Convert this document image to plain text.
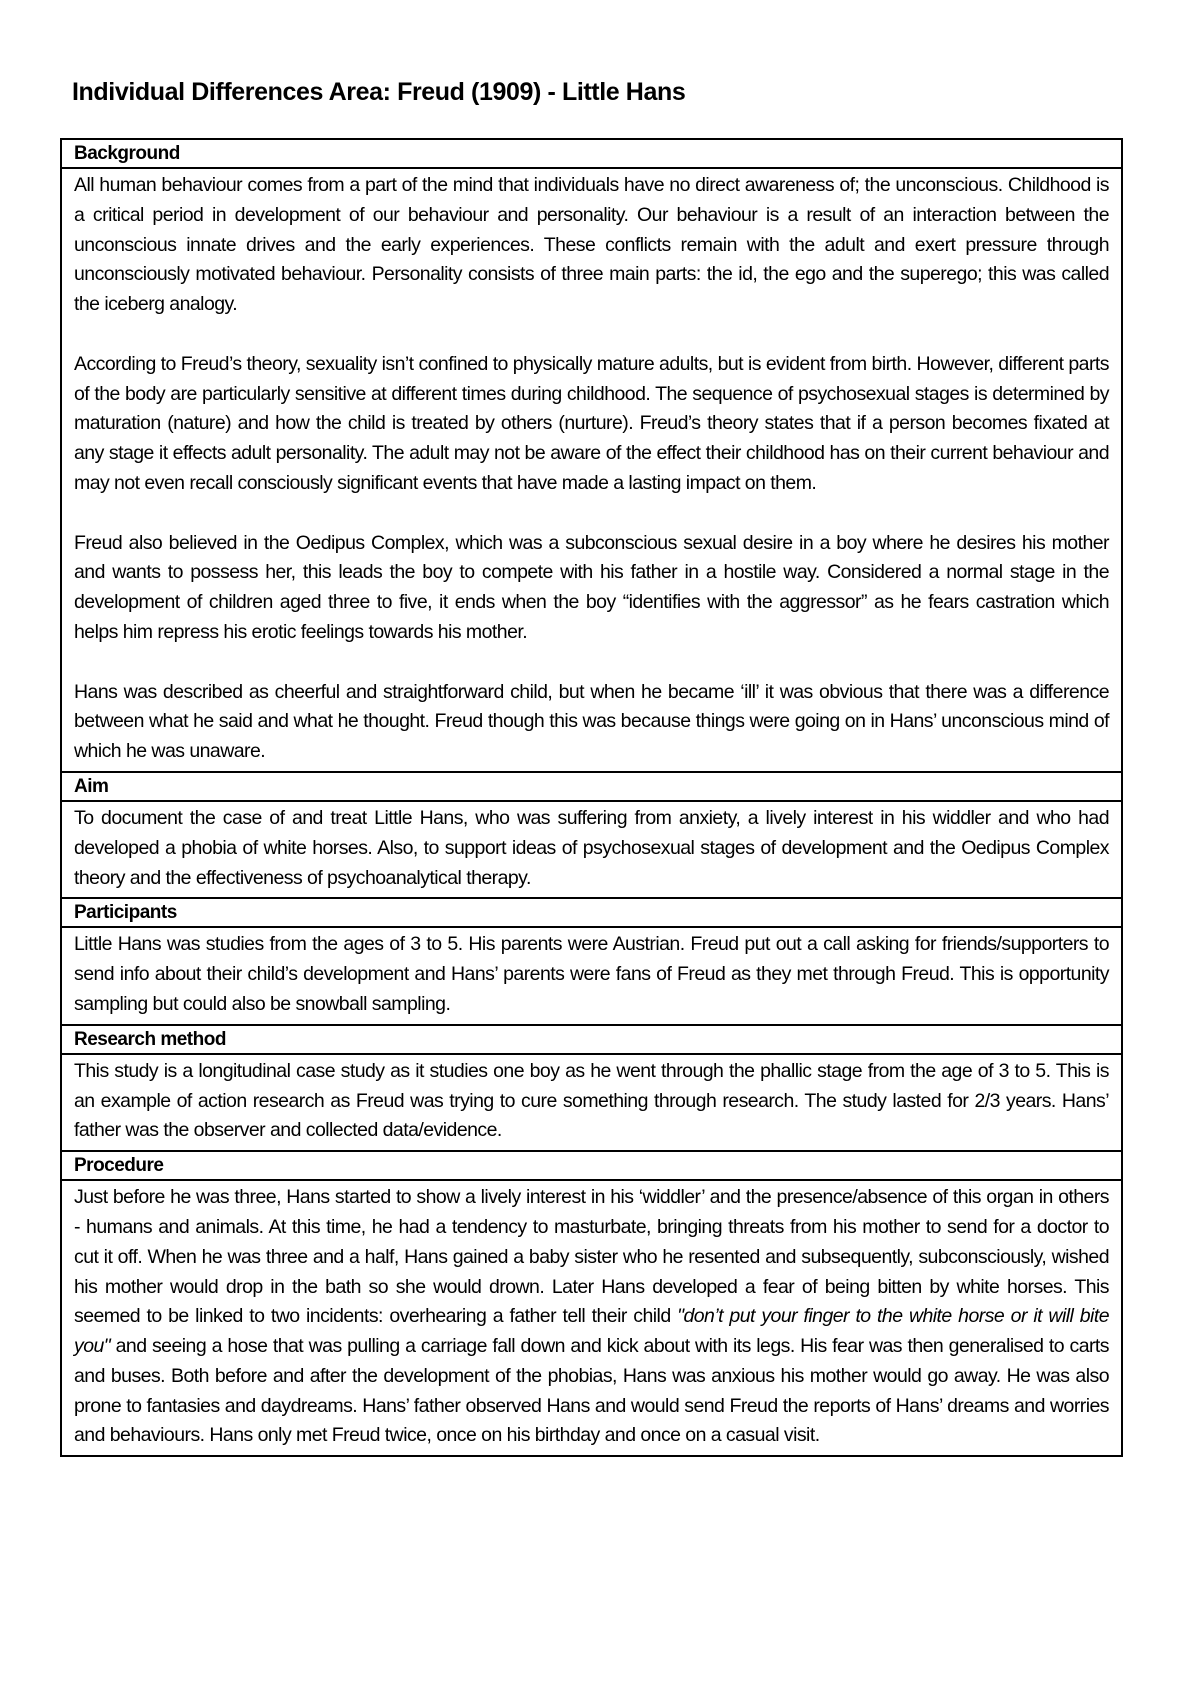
Individual Differences Area: Freud (1909) - Little Hans
Background

All human behaviour comes from a part of the mind that individuals have no direct awareness of; the unconscious. Childhood is a critical period in development of our behaviour and personality. Our behaviour is a result of an interaction between the unconscious innate drives and the early experiences. These conflicts remain with the adult and exert pressure through unconsciously motivated behaviour. Personality consists of three main parts: the id, the ego and the superego; this was called the iceberg analogy.

According to Freud’s theory, sexuality isn’t confined to physically mature adults, but is evident from birth. However, different parts of the body are particularly sensitive at different times during childhood. The sequence of psychosexual stages is determined by maturation (nature) and how the child is treated by others (nurture). Freud’s theory states that if a person becomes fixated at any stage it effects adult personality. The adult may not be aware of the effect their childhood has on their current behaviour and may not even recall consciously significant events that have made a lasting impact on them.

Freud also believed in the Oedipus Complex, which was a subconscious sexual desire in a boy where he desires his mother and wants to possess her, this leads the boy to compete with his father in a hostile way. Considered a normal stage in the development of children aged three to five, it ends when the boy “identifies with the aggressor” as he fears castration which helps him repress his erotic feelings towards his mother.

Hans was described as cheerful and straightforward child, but when he became ‘ill’ it was obvious that there was a difference between what he said and what he thought. Freud though this was because things were going on in Hans’ unconscious mind of which he was unaware.

Aim

To document the case of and treat Little Hans, who was suffering from anxiety, a lively interest in his widdler and who had developed a phobia of white horses. Also, to support ideas of psychosexual stages of development and the Oedipus Complex theory and the effectiveness of psychoanalytical therapy.

Participants

Little Hans was studies from the ages of 3 to 5. His parents were Austrian. Freud put out a call asking for friends/supporters to send info about their child’s development and Hans’ parents were fans of Freud as they met through Freud. This is opportunity sampling but could also be snowball sampling.

Research method

This study is a longitudinal case study as it studies one boy as he went through the phallic stage from the age of 3 to 5. This is an example of action research as Freud was trying to cure something through research. The study lasted for 2/3 years. Hans’ father was the observer and collected data/evidence.

Procedure

Just before he was three, Hans started to show a lively interest in his ‘widdler’ and the presence/absence of this organ in others - humans and animals. At this time, he had a tendency to masturbate, bringing threats from his mother to send for a doctor to cut it off. When he was three and a half, Hans gained a baby sister who he resented and subsequently, subconsciously, wished his mother would drop in the bath so she would drown. Later Hans developed a fear of being bitten by white horses. This seemed to be linked to two incidents: overhearing a father tell their child "don’t put your finger to the white horse or it will bite you" and seeing a hose that was pulling a carriage fall down and kick about with its legs. His fear was then generalised to carts and buses. Both before and after the development of the phobias, Hans was anxious his mother would go away. He was also prone to fantasies and daydreams. Hans’ father observed Hans and would send Freud the reports of Hans’ dreams and worries and behaviours. Hans only met Freud twice, once on his birthday and once on a casual visit.
